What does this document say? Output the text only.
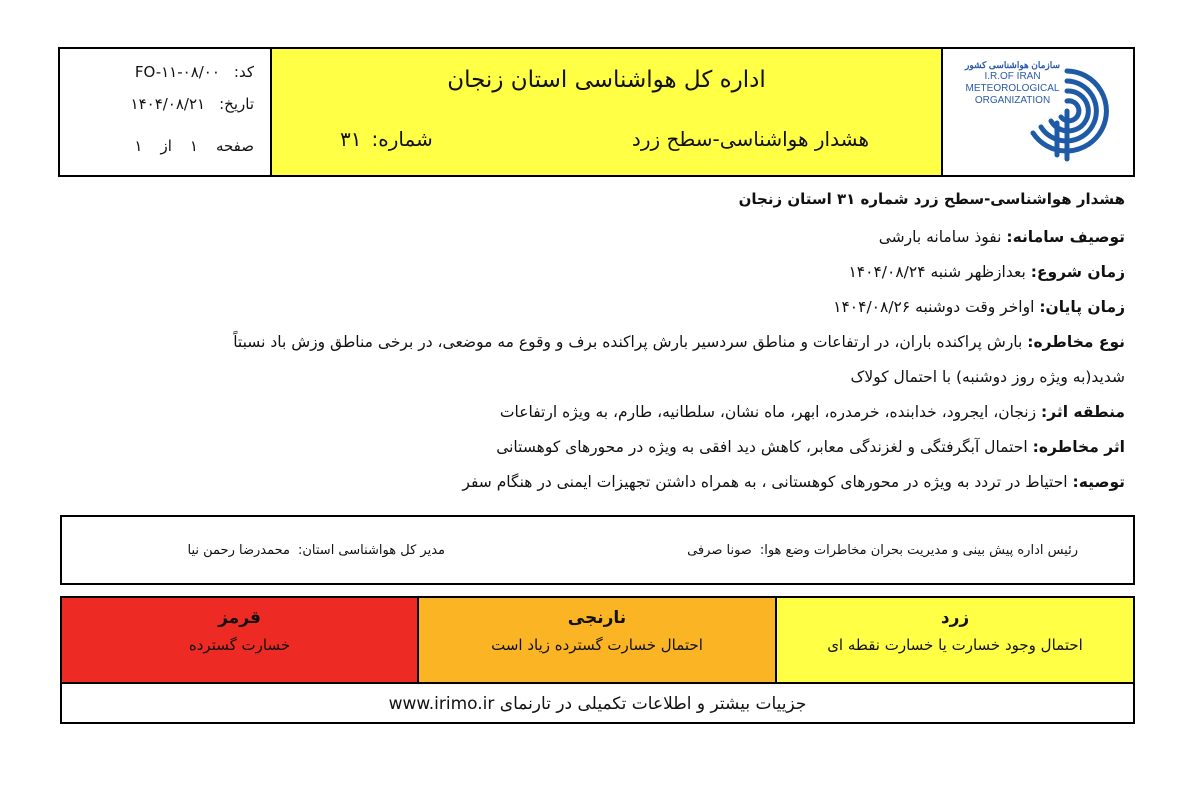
کد:
FO-۱۱-۰۸/۰۰
تاریخ:
۱۴۰۴/۰۸/۲۱
صفحه
۱
از
۱
اداره کل هواشناسی استان زنجان
هشدار هواشناسی-سطح زرد
شماره:
۳۱
سازمان هواشناسی کشور
I.R.OF IRAN
METEOROLOGICAL
ORGANIZATION
هشدار هواشناسی-سطح زرد شماره ۳۱ استان زنجان
توصیف سامانه: نفوذ سامانه بارشی
زمان شروع: بعدازظهر شنبه ۱۴۰۴/۰۸/۲۴
زمان پایان: اواخر وقت دوشنبه ۱۴۰۴/۰۸/۲۶
نوع مخاطره: بارش پراکنده باران، در ارتفاعات و مناطق سردسیر بارش پراکنده برف و وقوع مه موضعی، در برخی مناطق وزش باد نسبتاً
شدید(به ویژه روز دوشنبه) با احتمال کولاک
منطقه اثر: زنجان، ایجرود، خدابنده، خرمدره، ابهر، ماه نشان، سلطانیه، طارم، به ویژه ارتفاعات
اثر مخاطره: احتمال آبگرفتگی و لغزندگی معابر، کاهش دید افقی به ویژه در محورهای کوهستانی
توصیه: احتیاط در تردد به ویژه در محورهای کوهستانی ، به همراه داشتن تجهیزات ایمنی در هنگام سفر
رئیس اداره پیش بینی و مدیریت بحران مخاطرات وضع هوا:
صونا صرفی
مدیر کل هواشناسی استان:
محمدرضا رحمن نیا
قرمز
خسارت گسترده
نارنجی
احتمال خسارت گسترده زیاد است
زرد
احتمال وجود خسارت یا خسارت نقطه ای
جزییات بیشتر و اطلاعات تکمیلی در تارنمای www.irimo.ir
